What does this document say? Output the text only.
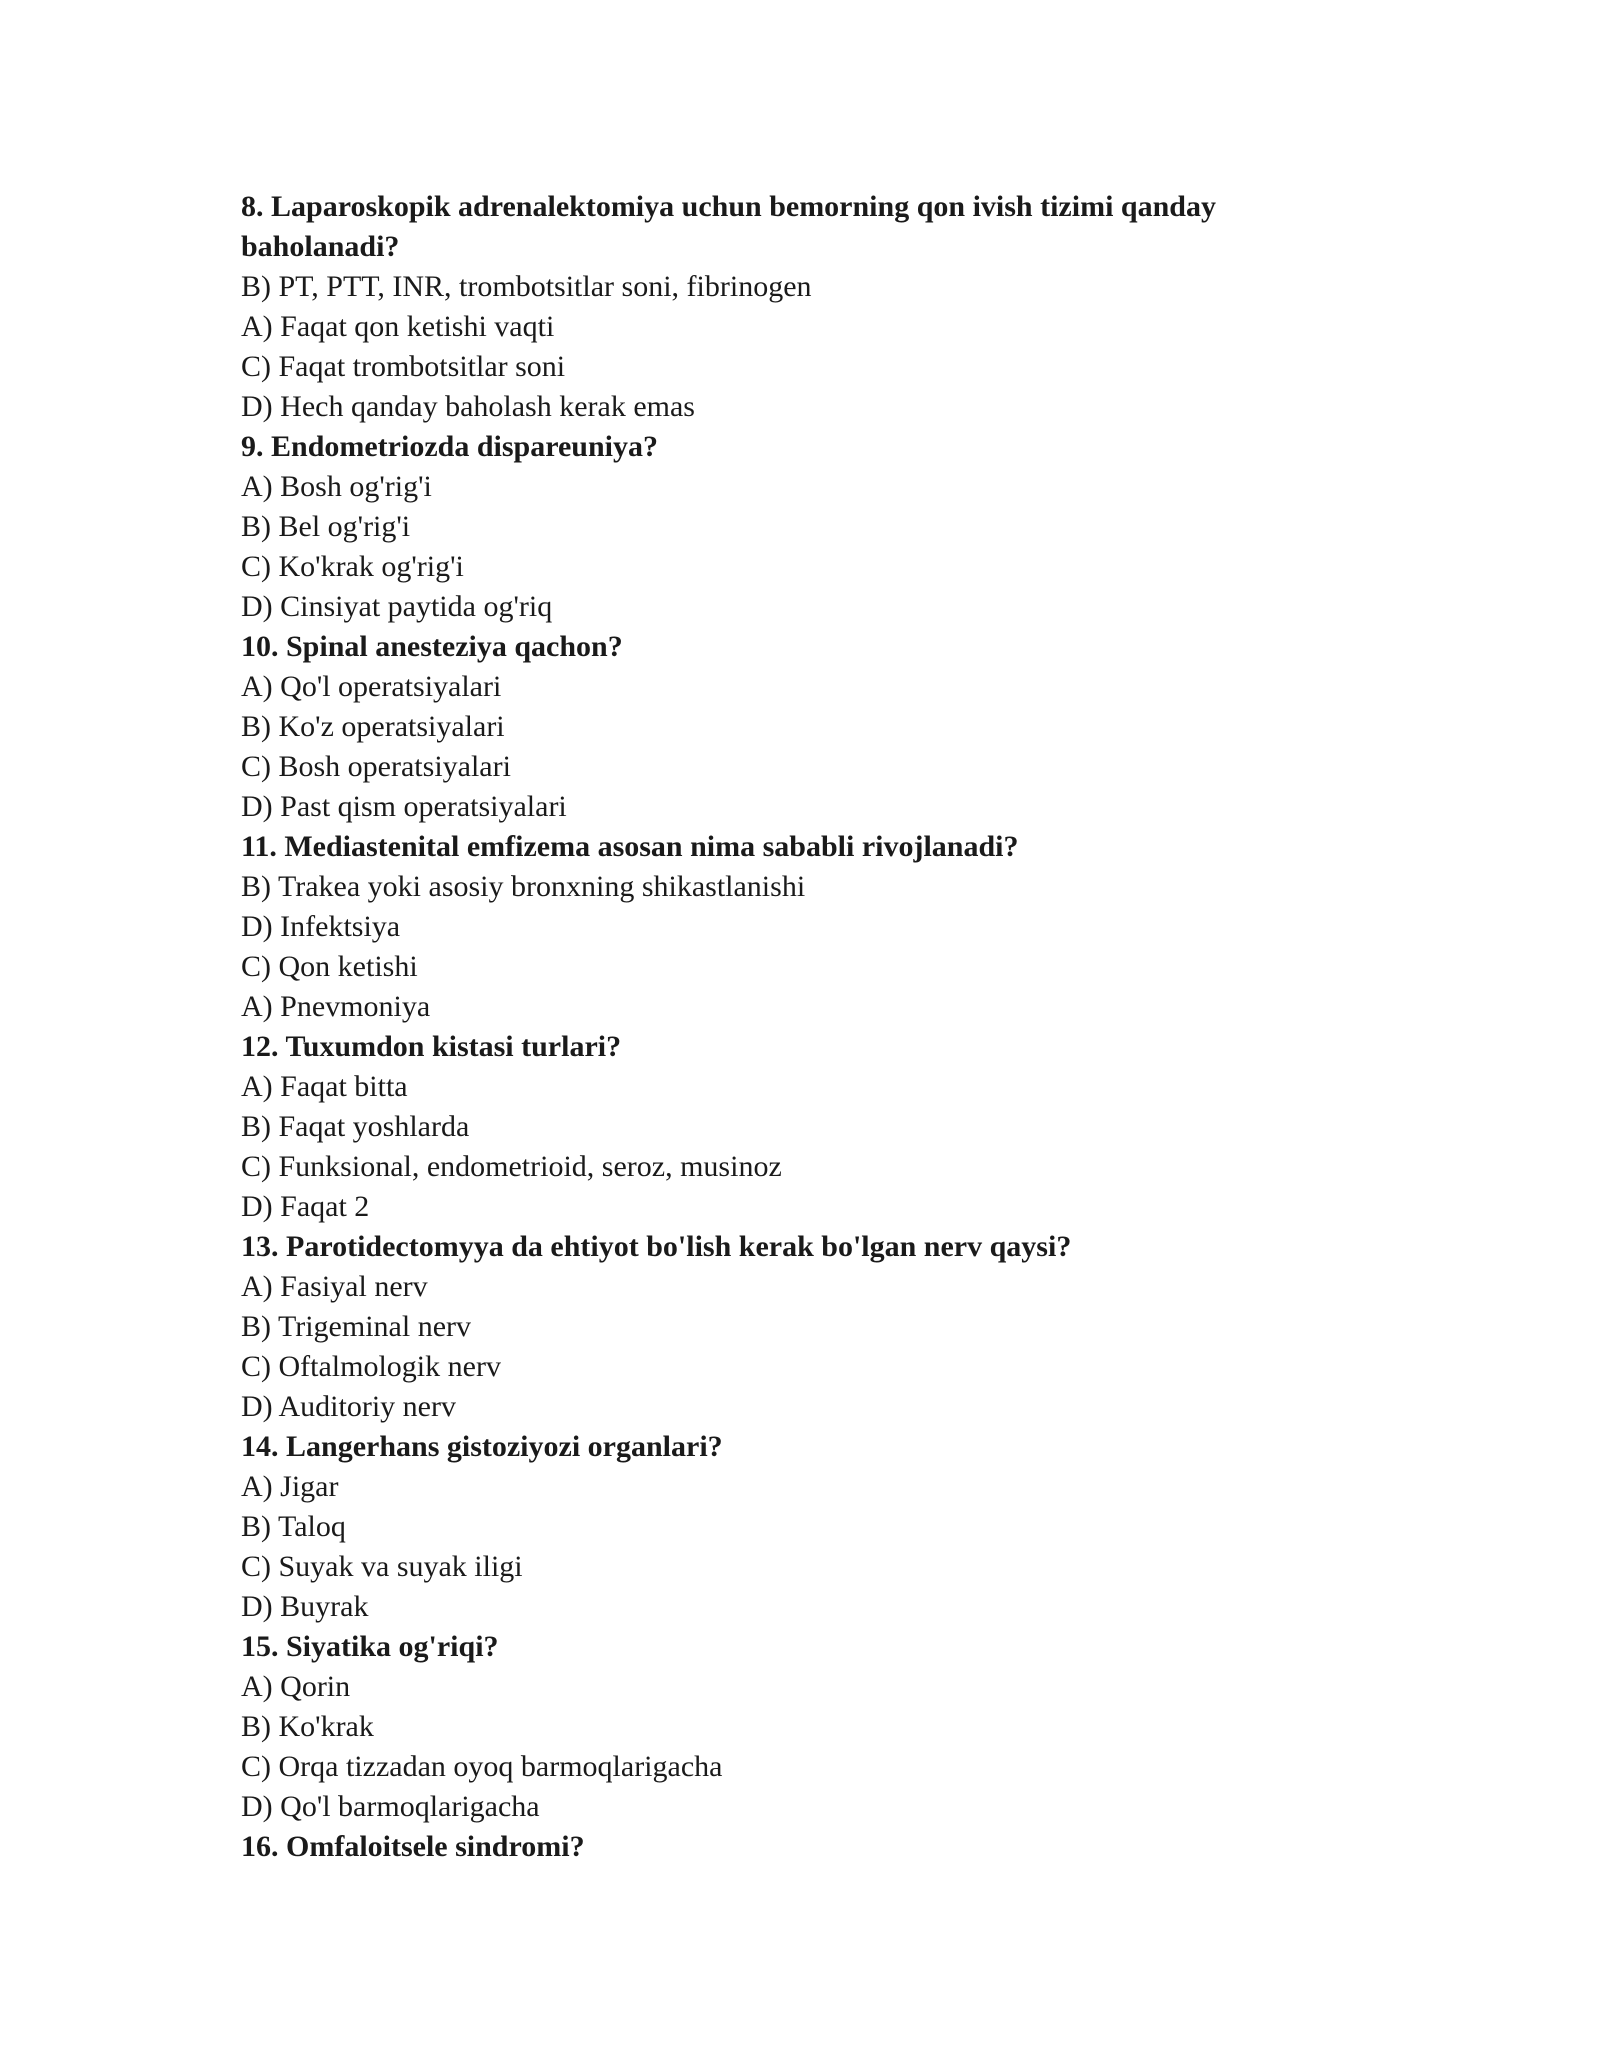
8. Laparoskopik adrenalektomiya uchun bemorning qon ivish tizimi qanday baholanadi?

B) PT, PTT, INR, trombotsitlar soni, fibrinogen

A) Faqat qon ketishi vaqti

C) Faqat trombotsitlar soni

D) Hech qanday baholash kerak emas

9. Endometriozda dispareuniya?

A) Bosh og'rig'i

B) Bel og'rig'i

C) Ko'krak og'rig'i

D) Cinsiyat paytida og'riq

10. Spinal anesteziya qachon?

A) Qo'l operatsiyalari

B) Ko'z operatsiyalari

C) Bosh operatsiyalari

D) Past qism operatsiyalari

11. Mediastenital emfizema asosan nima sababli rivojlanadi?

B) Trakea yoki asosiy bronxning shikastlanishi

D) Infektsiya

C) Qon ketishi

A) Pnevmoniya

12. Tuxumdon kistasi turlari?

A) Faqat bitta

B) Faqat yoshlarda

C) Funksional, endometrioid, seroz, musinoz

D) Faqat 2

13. Parotidectomyya da ehtiyot bo'lish kerak bo'lgan nerv qaysi?

A) Fasiyal nerv

B) Trigeminal nerv

C) Oftalmologik nerv

D) Auditoriy nerv

14. Langerhans gistoziyozi organlari?

A) Jigar

B) Taloq

C) Suyak va suyak iligi

D) Buyrak

15. Siyatika og'riqi?

A) Qorin

B) Ko'krak

C) Orqa tizzadan oyoq barmoqlarigacha

D) Qo'l barmoqlarigacha

16. Omfaloitsele sindromi?
